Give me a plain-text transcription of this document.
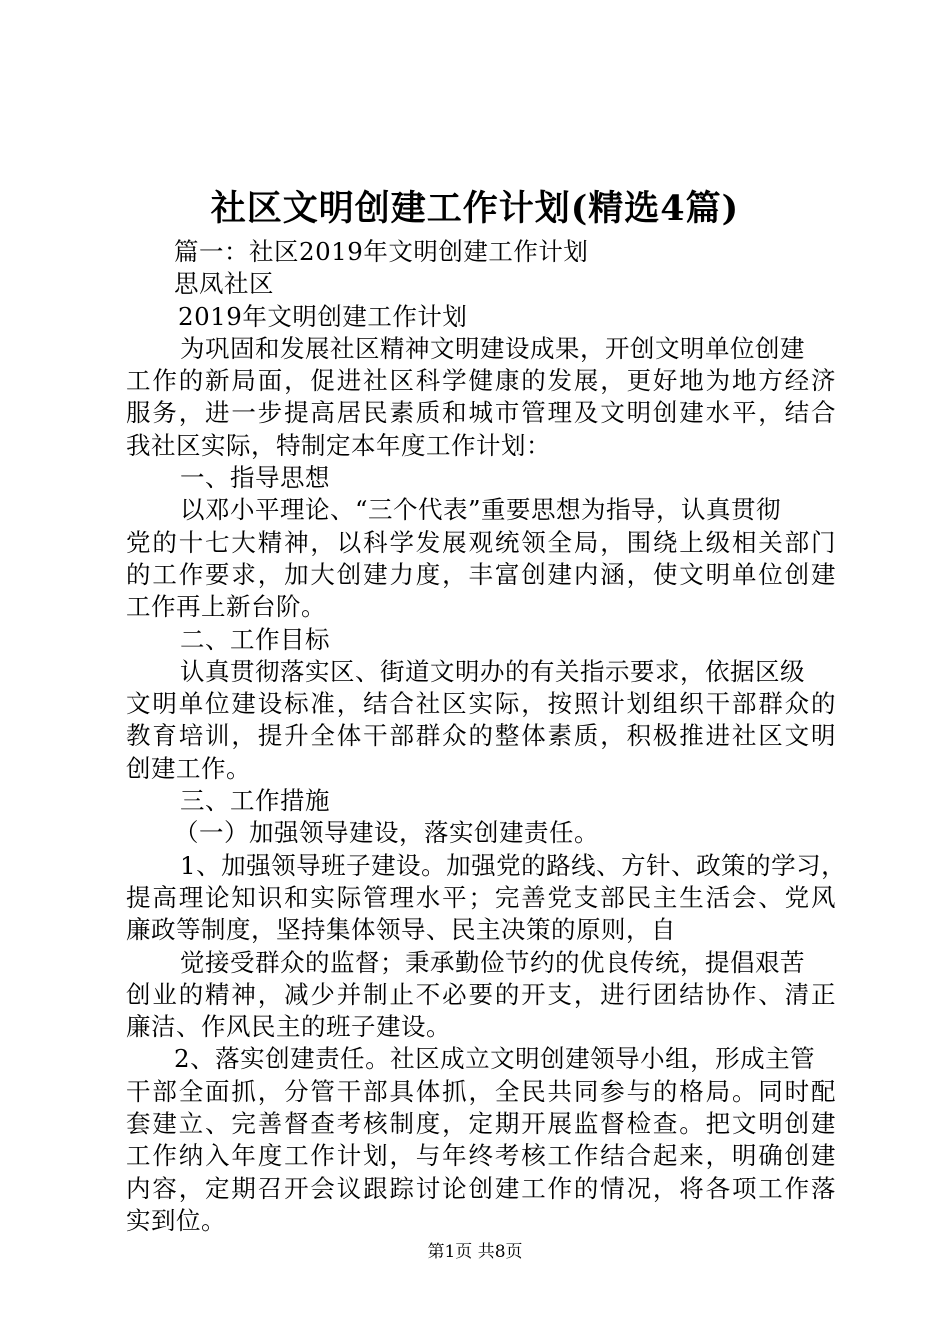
社区文明创建工作计划(精选4篇)
篇一：社区2019年文明创建工作计划
思凤社区
2019年文明创建工作计划
为巩固和发展社区精神文明建设成果，开创文明单位创建
工作的新局面，促进社区科学健康的发展，更好地为地方经济
服务，进一步提高居民素质和城市管理及文明创建水平，结合
我社区实际，特制定本年度工作计划：
一、指导思想
以邓小平理论、“三个代表”重要思想为指导，认真贯彻
党的十七大精神，以科学发展观统领全局，围绕上级相关部门
的工作要求，加大创建力度，丰富创建内涵，使文明单位创建
工作再上新台阶。
二、工作目标
认真贯彻落实区、街道文明办的有关指示要求，依据区级
文明单位建设标准，结合社区实际，按照计划组织干部群众的
教育培训，提升全体干部群众的整体素质，积极推进社区文明
创建工作。
三、工作措施
（一）加强领导建设，落实创建责任。
1、加强领导班子建设。加强党的路线、方针、政策的学习，
提高理论知识和实际管理水平；完善党支部民主生活会、党风
廉政等制度，坚持集体领导、民主决策的原则，自
觉接受群众的监督；秉承勤俭节约的优良传统，提倡艰苦
创业的精神，减少并制止不必要的开支，进行团结协作、清正
廉洁、作风民主的班子建设。
2、落实创建责任。社区成立文明创建领导小组，形成主管
干部全面抓，分管干部具体抓，全民共同参与的格局。同时配
套建立、完善督查考核制度，定期开展监督检查。把文明创建
工作纳入年度工作计划，与年终考核工作结合起来，明确创建
内容，定期召开会议跟踪讨论创建工作的情况，将各项工作落
实到位。
第1页 共8页
